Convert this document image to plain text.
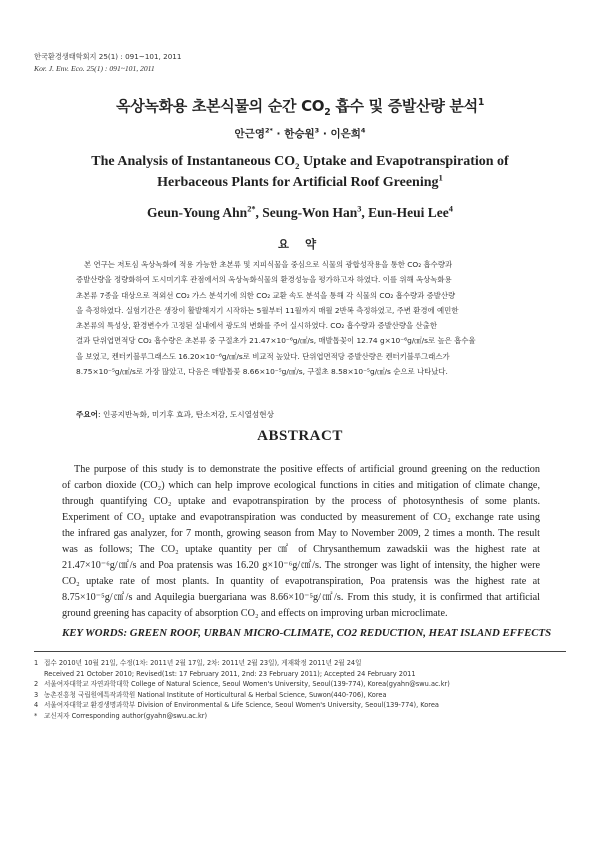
한국환경생태학회지 25(1) : 091~101, 2011
Kor. J. Env. Eco. 25(1) : 091~101, 2011
옥상녹화용 초본식물의 순간 $CO_2$ 흡수 및 증발산량 분석$^1$
안근영$^{2*}$ · 한승원$^3$ · 이은희$^4$
The Analysis of Instantaneous $CO_2$ Uptake and Evapotranspiration of
Herbaceous Plants for Artificial Roof Greening$^1$
Geun-Young Ahn$^{2*}$, Seung-Won Han$^3$, Eun-Heui Lee$^4$
요 약
본 연구는 저토심 옥상녹화에 적용 가능한 초본류 및 지피식물을 중심으로 식물의 광합성작용을 통한 CO₂ 흡수량과
증발산량을 정량화하여 도시미기후 관점에서의 옥상녹화식물의 환경성능을 평가하고자 하였다. 이를 위해 옥상녹화용
초본류 7종을 대상으로 적외선 CO₂ 가스 분석기에 의한 CO₂ 교환 속도 분석을 통해 각 식물의 CO₂ 흡수량과 증발산량
을 측정하였다. 실험기간은 생장이 활발해지기 시작하는 5월부터 11월까지 매월 2반복 측정하였고, 주변 환경에 예민한
초본류의 특성상, 환경변수가 고정된 실내에서 광도의 변화를 주어 실시하였다. CO₂ 흡수량과 증발산량을 산출한
결과 단위엽면적당 CO₂ 흡수량은 초본류 중 구절초가 21.47×10⁻⁶g/㎠/s, 매발톱꽃이 12.74 g×10⁻⁶g/㎠/s로 높은 흡수율
을 보였고, 켄터키블루그래스도 16.20×10⁻⁶g/㎠/s로 비교적 높았다. 단위엽면적당 증발산량은 켄터키블루그래스가
8.75×10⁻⁵g/㎠/s로 가장 많았고, 다음은 매발톱꽃 8.66×10⁻⁵g/㎠/s, 구절초 8.58×10⁻⁵g/㎠/s 순으로 나타났다.
주요어: 인공지반녹화, 미기후 효과, 탄소저감, 도시열섬현상
ABSTRACT
The purpose of this study is to demonstrate the positive effects of artificial ground greening on the reduction
of carbon dioxide (CO₂) which can help improve ecological functions in cities and mitigation of climate change,
through quantifying CO₂ uptake and evapotranspiration by the process of photosynthesis of some plants.
Experiment of CO₂ uptake and evapotranspiration was conducted by measurement of CO₂ exchange rate using
the infrared gas analyzer, for 7 month, growing season from May to November 2009, 2 times a month. The result
was as follows; The CO₂ uptake quantity per ㎠ of Chrysanthemum zawadskii was the highest rate at
21.47×10⁻⁶g/㎠/s and Poa pratensis was 16.20 g×10⁻⁶g/㎠/s. The stronger was light of intensity, the higher were
CO₂ uptake rate of most plants. In quantity of evapotranspiration, Poa pratensis was the highest rate at
8.75×10⁻⁵g/㎠/s and Aquilegia buergariana was 8.66×10⁻⁵g/㎠/s. From this study, it is confirmed that artificial
ground greening has capacity of absorption CO₂ and effects on improving urban microclimate.
KEY WORDS: GREEN ROOF, URBAN MICRO-CLIMATE, CO2 REDUCTION, HEAT ISLAND EFFECTS
1 접수 2010년 10월 21일, 수정(1차: 2011년 2월 17일, 2차: 2011년 2월 23일), 게재확정 2011년 2월 24일
Received 21 October 2010; Revised(1st: 17 February 2011, 2nd: 23 February 2011); Accepted 24 February 2011
2 서울여자대학교 자연과학대학 College of Natural Science, Seoul Women's University, Seoul(139-774), Korea(gyahn@swu.ac.kr)
3 농촌진흥청 국립원예특작과학원 National Institute of Horticultural & Herbal Science, Suwon(440-706), Korea
4 서울여자대학교 환경생명과학부 Division of Environmental & Life Science, Seoul Women's University, Seoul(139-774), Korea
* 교신저자 Corresponding author(gyahn@swu.ac.kr)
